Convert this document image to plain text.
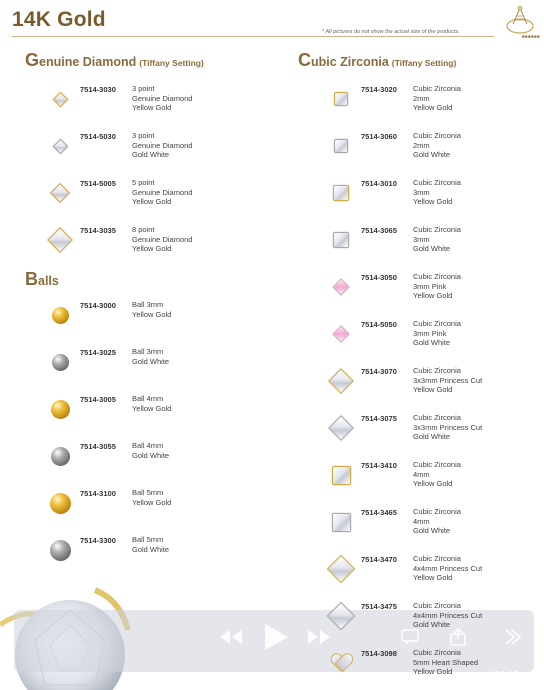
14K Gold
* All pictures do not show the actual size of the products.
■■■■■■
Genuine Diamond (Tiffany Setting)
Balls
Cubic Zirconia (Tiffany Setting)
7514-3030	3 point
Genuine Diamond
Yellow Gold
7514-5030	3 point
Genuine Diamond
Gold White
7514-5005	5 point
Genuine Diamond
Yellow Gold
7514-3035	8 point
Genuine Diamond
Yellow Gold
7514-3000	Ball 3mm
Yellow Gold
7514-3025	Ball 3mm
Gold White
7514-3005	Ball 4mm
Yellow Gold
7514-3055	Ball 4mm
Gold White
7514-3100	Ball 5mm
Yellow Gold
7514-3300	Ball 5mm
Gold White
7514-3020	Cubic Zirconia
2mm
Yellow Gold
7514-3060	Cubic Zirconia
2mm
Gold White
7514-3010	Cubic Zirconia
3mm
Yellow Gold
7514-3065	Cubic Zirconia
3mm
Gold White
7514-3050	Cubic Zirconia
3mm Pink
Yellow Gold
7514-5050	Cubic Zirconia
3mm Pink
Gold White
7514-3070	Cubic Zirconia
3x3mm Princess Cut
Yellow Gold
7514-3075	Cubic Zirconia
3x3mm Princess Cut
Gold White
7514-3410	Cubic Zirconia
4mm
Yellow Gold
7514-3465	Cubic Zirconia
4mm
Gold White
7514-3470	Cubic Zirconia
4x4mm Princess Cut
Yellow Gold
7514-3475	Cubic Zirconia
4x4mm Princess Cut
Gold White
7514-3098	Cubic Zirconia
5mm Heart Shaped
Yellow Gold	1:00:10
